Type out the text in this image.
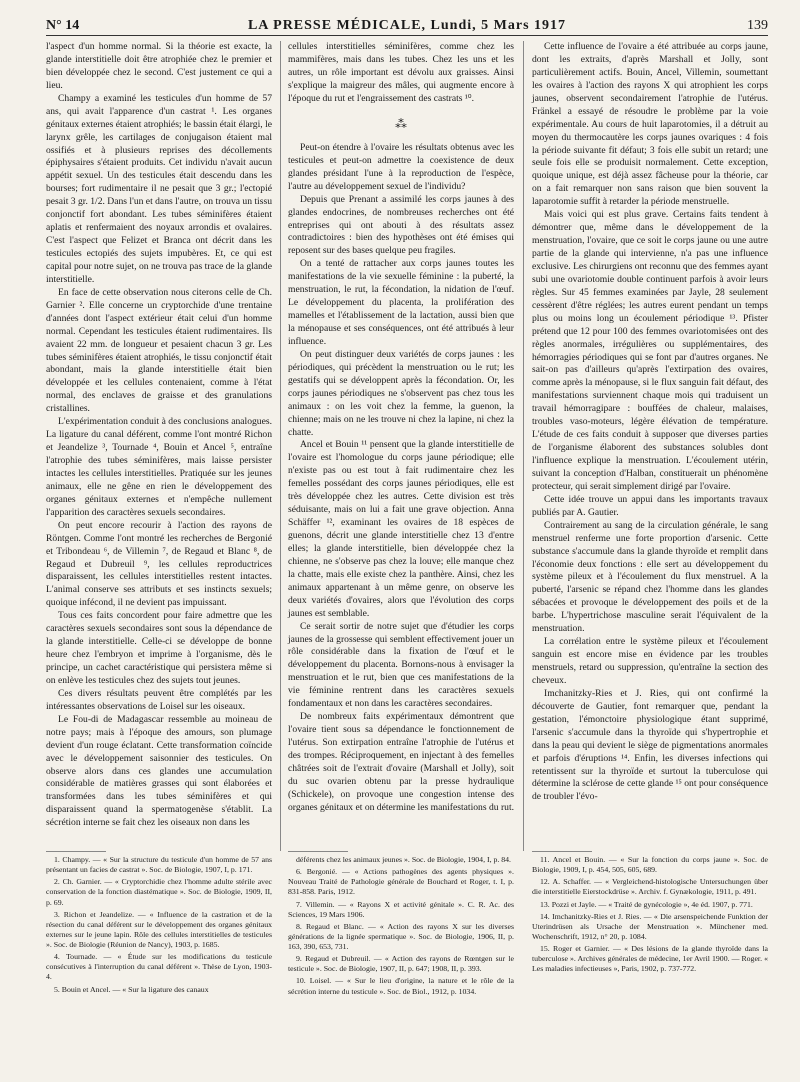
N° 14	LA PRESSE MÉDICALE, Lundi, 5 Mars 1917	139

l'aspect d'un homme normal. Si la théorie est exacte, la glande interstitielle doit être atrophiée chez le premier et bien développée chez le second. C'est justement ce qui a lieu.

Champy a examiné les testicules d'un homme de 57 ans, qui avait l'apparence d'un castrat ¹. Les organes génitaux externes étaient atrophiés; le bassin était élargi, le larynx grêle, les cartilages de conjugaison étaient mal ossifiés et à plusieurs reprises des décollements épiphysaires s'étaient produits. Cet individu n'avait aucun appétit sexuel. Un des testicules était descendu dans les bourses; fort rudimentaire il ne pesait que 3 gr.; l'ectopié pesait 3 gr. 1/2. Dans l'un et dans l'autre, on trouva un tissu conjonctif fort abondant. Les tubes séminifères étaient aplatis et renfermaient des noyaux arrondis et ovalaires. C'est l'aspect que Felizet et Branca ont décrit dans les testicules ectopiés des sujets impubères. Et, ce qui est capital pour notre sujet, on ne trouva pas trace de la glande interstitielle.

En face de cette observation nous citerons celle de Ch. Garnier ². Elle concerne un cryptorchide d'une trentaine d'années dont l'aspect extérieur était celui d'un homme normal. Cependant les testicules étaient rudimentaires. Ils avaient 22 mm. de longueur et pesaient chacun 3 gr. Les tubes séminifères étaient atrophiés, le tissu conjonctif était abondant, mais la glande interstitielle était bien développée et les cellules contenaient, comme à l'état normal, des enclaves de graisse et des granulations cristallines.

L'expérimentation conduit à des conclusions analogues. La ligature du canal déférent, comme l'ont montré Richon et Jeandelize ³, Tournade ⁴, Bouin et Ancel ⁵, entraîne l'atrophie des tubes séminifères, mais laisse persister intactes les cellules interstitielles. Pratiquée sur les jeunes animaux, elle ne gêne en rien le développement des organes génitaux externes et n'empêche nullement l'apparition des caractères sexuels secondaires.

On peut encore recourir à l'action des rayons de Röntgen. Comme l'ont montré les recherches de Bergonié et Tribondeau ⁶, de Villemin ⁷, de Regaud et Blanc ⁸, de Regaud et Dubreuil ⁹, les cellules reproductrices disparaissent, les cellules interstitielles restent intactes. L'animal conserve ses attributs et ses instincts sexuels; quoique infécond, il ne devient pas impuissant.

Tous ces faits concordent pour faire admettre que les caractères sexuels secondaires sont sous la dépendance de la glande interstitielle. Celle-ci se développe de bonne heure chez l'embryon et imprime à l'organisme, dès le principe, un cachet caractéristique qui persistera même si on enlève les testicules chez des sujets tout jeunes.

Ces divers résultats peuvent être complétés par les intéressantes observations de Loisel sur les oiseaux.

Le Fou-di de Madagascar ressemble au moineau de notre pays; mais à l'époque des amours, son plumage devient d'un rouge éclatant. Cette transformation coïncide avec le développement saisonnier des testicules. On observe alors dans ces glandes une accumulation considérable de matières grasses qui sont élaborées et transformées dans les tubes séminifères et qui disparaissent quand la spermatogenèse s'établit. La sécrétion interne se fait chez les oiseaux non dans les

cellules interstitielles séminifères, comme chez les mammifères, mais dans les tubes. Chez les uns et les autres, un rôle important est dévolu aux graisses. Ainsi s'explique la maigreur des mâles, qui augmente encore à l'époque du rut et l'engraissement des castrats ¹⁰.

⁂

Peut-on étendre à l'ovaire les résultats obtenus avec les testicules et peut-on admettre la coexistence de deux glandes présidant l'une à la reproduction de l'espèce, l'autre au développement sexuel de l'individu?

Depuis que Prenant a assimilé les corps jaunes à des glandes endocrines, de nombreuses recherches ont été entreprises qui ont abouti à des résultats assez contradictoires : bien des hypothèses ont été émises qui reposent sur des bases quelque peu fragiles.

On a tenté de rattacher aux corps jaunes toutes les manifestations de la vie sexuelle féminine : la puberté, la menstruation, le rut, la fécondation, la nidation de l'œuf. Le développement du placenta, la prolifération des mamelles et l'établissement de la lactation, aussi bien que la ménopause et ses conséquences, ont été attribués à leur influence.

On peut distinguer deux variétés de corps jaunes : les périodiques, qui précèdent la menstruation ou le rut; les gestatifs qui se développent après la fécondation. Or, les corps jaunes périodiques ne s'observent pas chez tous les animaux : on les voit chez la femme, la guenon, la chienne; mais on ne les trouve ni chez la lapine, ni chez la chatte.

Ancel et Bouin ¹¹ pensent que la glande interstitielle de l'ovaire est l'homologue du corps jaune périodique; elle n'existe pas ou est tout à fait rudimentaire chez les femelles possédant des corps jaunes périodiques, elle est très développée chez les autres. Cette division est très séduisante, mais on lui a fait une grave objection. Anna Schäffer ¹², examinant les ovaires de 18 espèces de guenons, décrit une glande interstitielle chez 13 d'entre elles; la glande interstitielle, bien développée chez la chienne, ne s'observe pas chez la louve; elle manque chez la chatte, mais elle existe chez la panthère. Ainsi, chez les animaux appartenant à un même genre, on observe les deux variétés d'ovaires, alors que l'évolution des corps jaunes est semblable.

Ce serait sortir de notre sujet que d'étudier les corps jaunes de la grossesse qui semblent effectivement jouer un rôle considérable dans la fixation de l'œuf et le développement du placenta. Bornons-nous à envisager la menstruation et le rut, bien que ces manifestations de la vie féminine rentrent dans les caractères sexuels fondamentaux et non dans les caractères secondaires.

De nombreux faits expérimentaux démontrent que l'ovaire tient sous sa dépendance le fonctionnement de l'utérus. Son extirpation entraîne l'atrophie de l'utérus et des trompes. Réciproquement, en injectant à des femelles châtrées soit de l'extrait d'ovaire (Marshall et Jolly), soit du suc ovarien obtenu par la presse hydraulique (Schickele), on provoque une congestion intense des organes génitaux et on détermine les manifestations du rut.

Cette influence de l'ovaire a été attribuée au corps jaune, dont les extraits, d'après Marshall et Jolly, sont particulièrement actifs. Bouin, Ancel, Villemin, soumettant les ovaires à l'action des rayons X qui atrophient les corps jaunes, observent secondairement l'atrophie de l'utérus. Fränkel a essayé de résoudre le problème par la voie expérimentale. Au cours de huit laparotomies, il a détruit au moyen du thermocautère les corps jaunes ovariques : 4 fois la période suivante fit défaut; 3 fois elle subit un retard; une seule fois elle se produisit normalement. Cette exception, quoique unique, est déjà assez fâcheuse pour la théorie, car on a fait remarquer non sans raison que bien souvent la laparotomie suffit à retarder la période menstruelle.

Mais voici qui est plus grave. Certains faits tendent à démontrer que, même dans le développement de la menstruation, l'ovaire, que ce soit le corps jaune ou une autre partie de la glande qui intervienne, n'a pas une influence exclusive. Les chirurgiens ont reconnu que des femmes ayant subi une ovariotomie double continuent parfois à avoir leurs règles. Sur 45 femmes examinées par Jayle, 28 seulement cessèrent d'être réglées; les autres eurent pendant un temps plus ou moins long un écoulement périodique ¹³. Pfister prétend que 12 pour 100 des femmes ovariotomisées ont des règles anormales, irrégulières ou supplémentaires, des hémorragies périodiques qui se font par d'autres organes. Ne sait-on pas d'ailleurs qu'après l'extirpation des ovaires, comme après la ménopause, si le flux sanguin fait défaut, des manifestations surviennent chaque mois qui traduisent un travail hémorragipare : bouffées de chaleur, malaises, troubles vaso-moteurs, légère élévation de température. L'étude de ces faits conduit à supposer que diverses parties de l'organisme élaborent des substances solubles dont l'influence explique la menstruation. L'écoulement utérin, suivant la conception d'Halban, constituerait un phénomène protecteur, qui serait simplement dirigé par l'ovaire.

Cette idée trouve un appui dans les importants travaux publiés par A. Gautier.

Contrairement au sang de la circulation générale, le sang menstruel renferme une forte proportion d'arsenic. Cette substance s'accumule dans la glande thyroïde et remplit dans l'économie deux fonctions : elle sert au développement du système pileux et à l'écoulement du flux menstruel. A la puberté, l'arsenic se répand chez l'homme dans les glandes sébacées et provoque le développement des poils et de la barbe. L'hypertrichose masculine serait l'équivalent de la menstruation.

La corrélation entre le système pileux et l'écoulement sanguin est encore mise en évidence par les troubles menstruels, retard ou suppression, qu'entraîne la section des cheveux.

Imchanitzky-Ries et J. Ries, qui ont confirmé la découverte de Gautier, font remarquer que, pendant la gestation, l'émonctoire physiologique étant supprimé, l'arsenic s'accumule dans la thyroïde qui s'hypertrophie et dans la peau qui devient le siège de pigmentations anormales et parfois d'éruptions ¹⁴. Enfin, les diverses infections qui retentissent sur la thyroïde et surtout la tuberculose qui détermine la sclérose de cette glande ¹⁵ ont pour conséquence de troubler l'évo-

1. Champy. — « Sur la structure du testicule d'un homme de 57 ans présentant un facies de castrat ». Soc. de Biologie, 1907, I, p. 171.

2. Ch. Garnier. — « Cryptorchidie chez l'homme adulte stérile avec conservation de la fonction diastématique ». Soc. de Biologie, 1909, II, p. 69.

3. Richon et Jeandelize. — « Influence de la castration et de la résection du canal déférent sur le développement des organes génitaux externes sur le jeune lapin. Rôle des cellules interstitielles de testicules ». Soc. de Biologie (Réunion de Nancy), 1903, p. 1685.

4. Tournade. — « Étude sur les modifications du testicule consécutives à l'interruption du canal déférent ». Thèse de Lyon, 1903-4.

5. Bouin et Ancel. — « Sur la ligature des canaux

déférents chez les animaux jeunes ». Soc. de Biologie, 1904, I, p. 84.

6. Bergonié. — « Actions pathogènes des agents physiques ». Nouveau Traité de Pathologie générale de Bouchard et Roger, t. I, p. 831-858. Paris, 1912.

7. Villemin. — « Rayons X et activité génitale ». C. R. Ac. des Sciences, 19 Mars 1906.

8. Regaud et Blanc. — « Action des rayons X sur les diverses générations de la lignée spermatique ». Soc. de Biologie, 1906, II, p. 163, 390, 653, 731.

9. Regaud et Dubreuil. — « Action des rayons de Rœntgen sur le testicule ». Soc. de Biologie, 1907, II, p. 647; 1908, II, p. 393.

10. Loisel. — « Sur le lieu d'origine, la nature et le rôle de la sécrétion interne du testicule ». Soc. de Biol., 1912, p. 1034.

11. Ancel et Bouin. — « Sur la fonction du corps jaune ». Soc. de Biologie, 1909, I, p. 454, 505, 605, 689.

12. A. Schaffer. — « Vergleichend-histologische Untersuchungen über die interstitielle Eierstockdrüse ». Archiv. f. Gynækologie, 1911, p. 491.

13. Pozzi et Jayle. — « Traité de gynécologie », 4e éd. 1907, p. 771.

14. Imchanitzky-Ries et J. Ries. — « Die arsenspeichende Funktion der Uterindrüsen als Ursache der Menstruation ». Münchener med. Wochenschrift, 1912, n° 20, p. 1084.

15. Roger et Garnier. — « Des lésions de la glande thyroïde dans la tuberculose ». Archives générales de médecine, 1er Avril 1900. — Roger. « Les maladies infectieuses », Paris, 1902, p. 737-772.
